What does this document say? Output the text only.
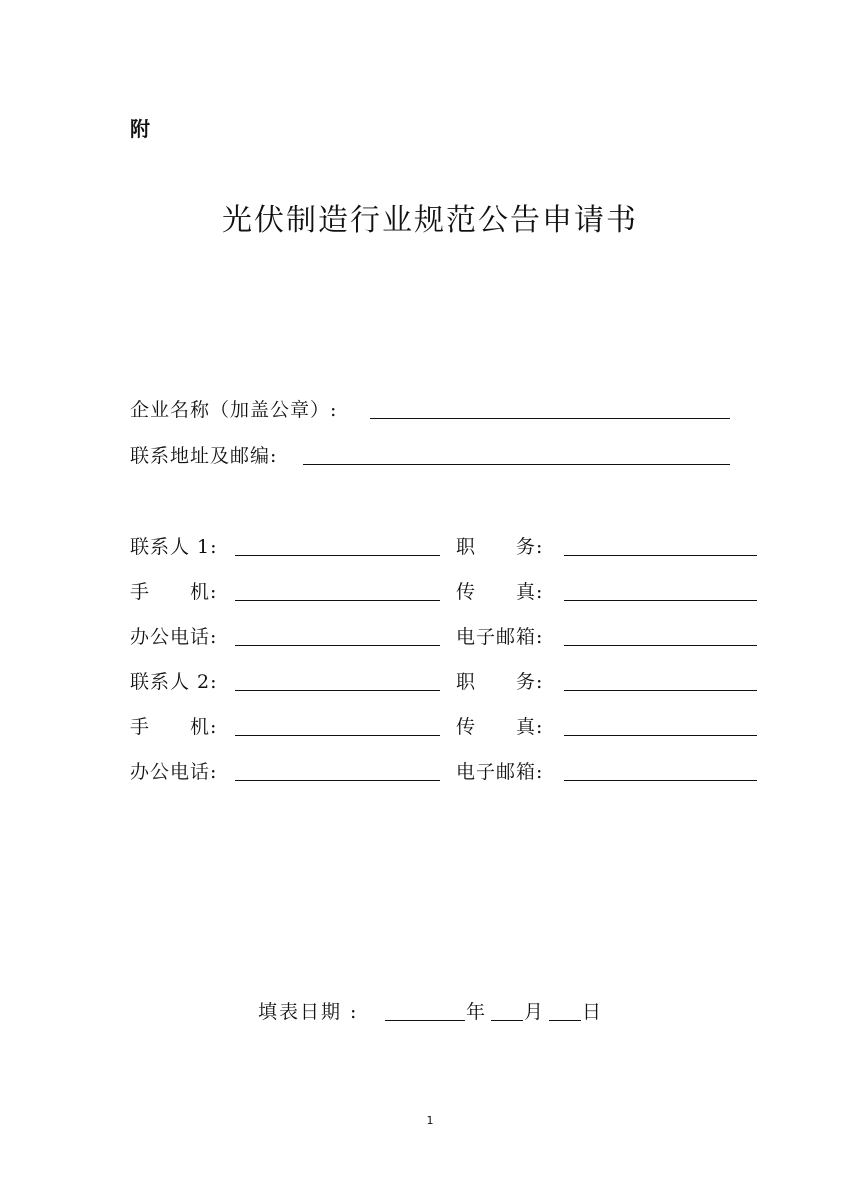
附
光伏制造行业规范公告申请书
企业名称（加盖公章）:
联系地址及邮编:
联系人 1:	职　　务:
手　　机:	传　　真:
办公电话:	电子邮箱:
联系人 2:	职　　务:
手　　机:	传　　真:
办公电话:	电子邮箱:
填表日期 :	年 月 日
1
